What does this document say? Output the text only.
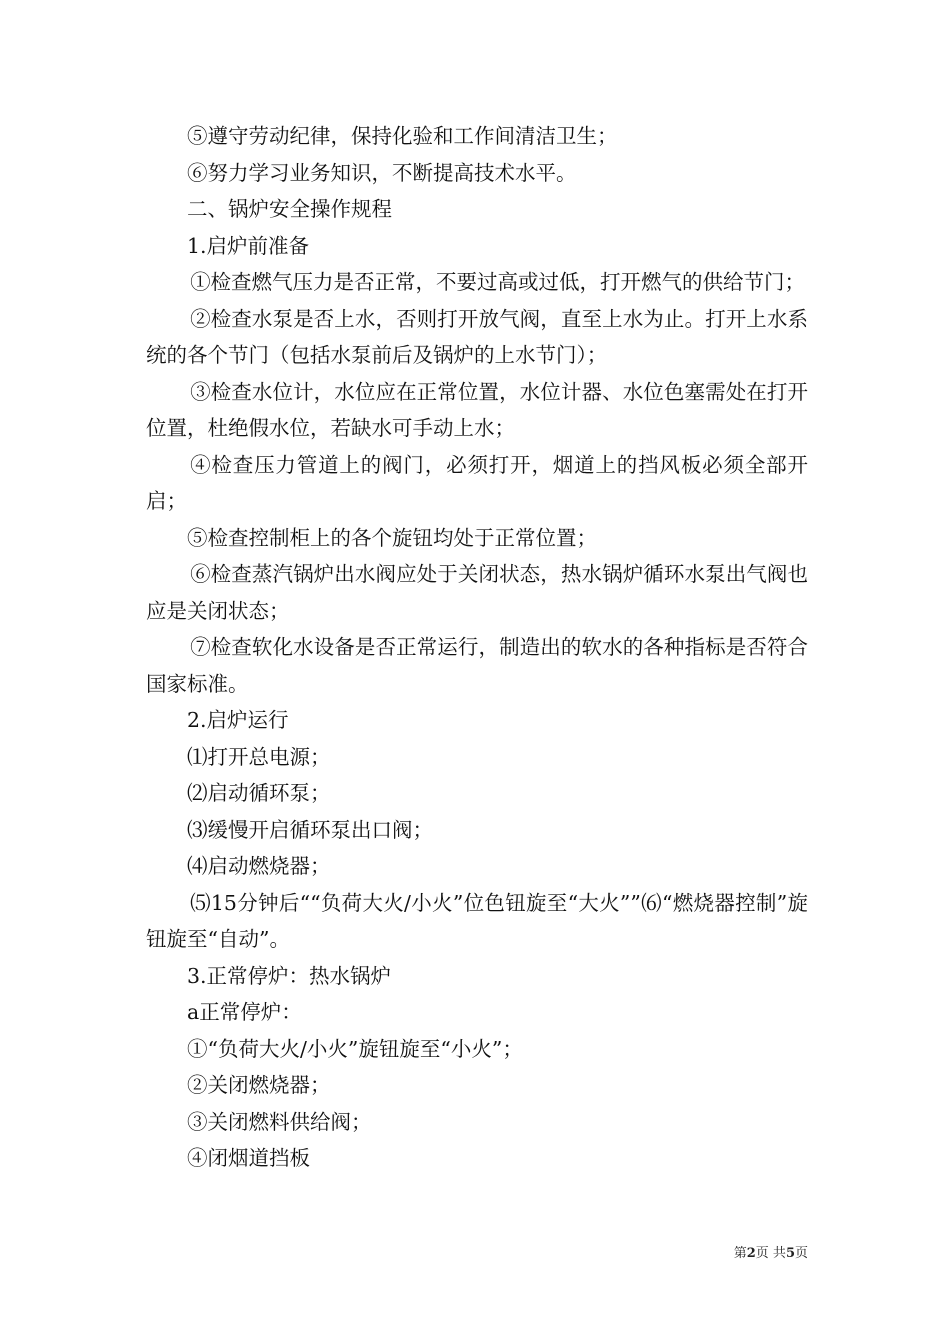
⑤遵守劳动纪律，保持化验和工作间清洁卫生；

⑥努力学习业务知识，不断提高技术水平。

二、锅炉安全操作规程

1.启炉前准备

①检查燃气压力是否正常，不要过高或过低，打开燃气的供给节门；

②检查水泵是否上水，否则打开放气阀，直至上水为止。打开上水系统的各个节门（包括水泵前后及锅炉的上水节门）；

③检查水位计，水位应在正常位置，水位计器、水位色塞需处在打开位置，杜绝假水位，若缺水可手动上水；

④检查压力管道上的阀门，必须打开，烟道上的挡风板必须全部开启；

⑤检查控制柜上的各个旋钮均处于正常位置；

⑥检查蒸汽锅炉出水阀应处于关闭状态，热水锅炉循环水泵出气阀也应是关闭状态；

⑦检查软化水设备是否正常运行，制造出的软水的各种指标是否符合国家标准。

2.启炉运行

⑴打开总电源；

⑵启动循环泵；

⑶缓慢开启循环泵出口阀；

⑷启动燃烧器；

⑸15分钟后““负荷大火/小火”位色钮旋至“大火””⑹“燃烧器控制”旋钮旋至“自动”。

3.正常停炉：热水锅炉

a正常停炉：

①“负荷大火/小火”旋钮旋至“小火”；

②关闭燃烧器；

③关闭燃料供给阀；

④闭烟道挡板

第2页 共5页
